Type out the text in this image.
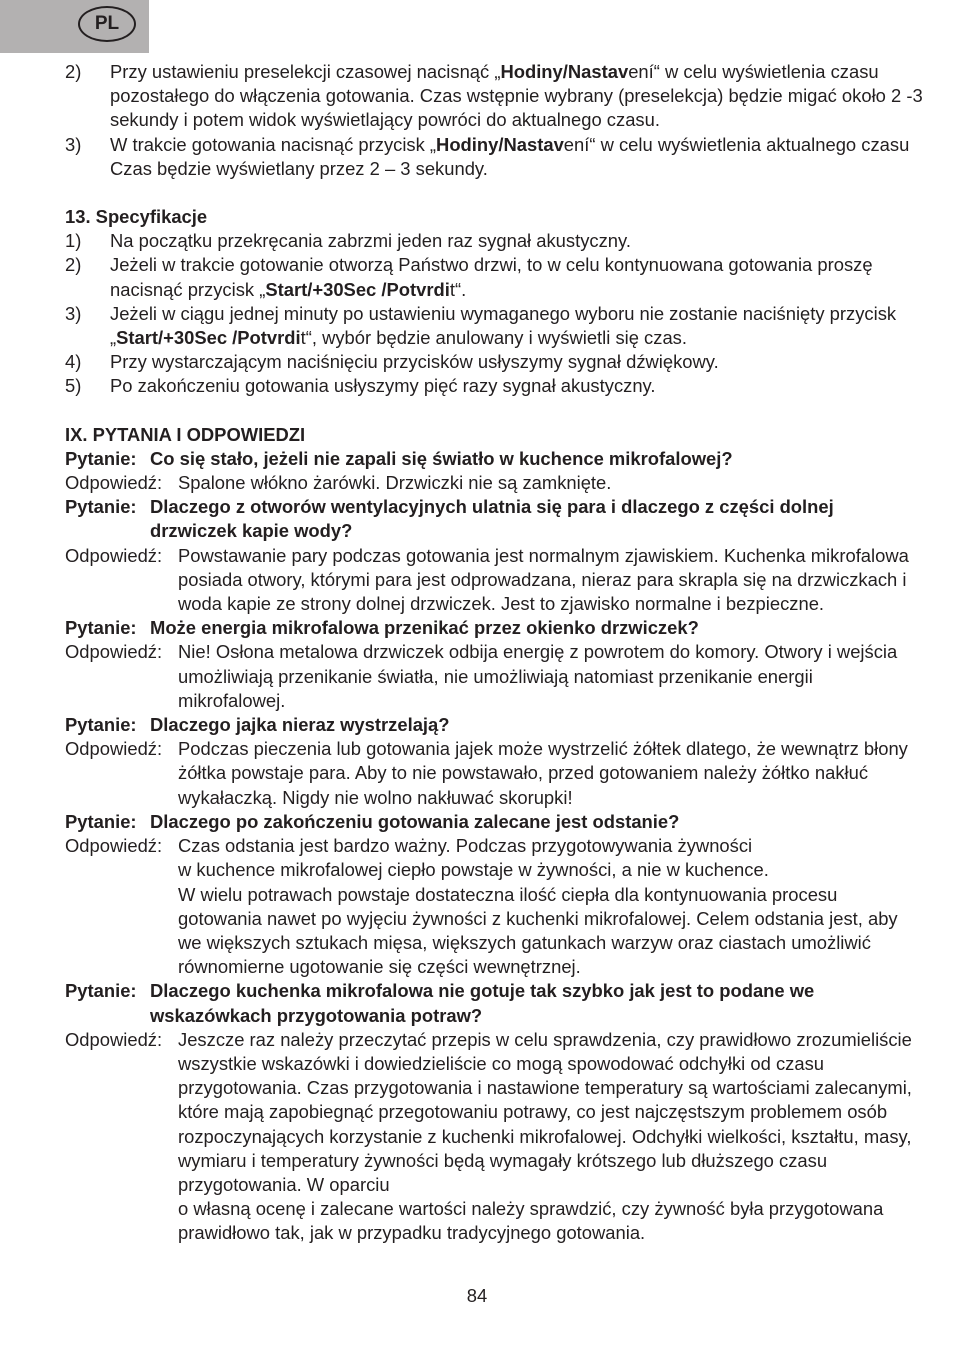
PL
2)	Przy ustawieniu preselekcji czasowej nacisnąć „Hodiny/Nastavení“ w celu wyświetlenia czasu pozostałego do włączenia gotowania. Czas wstępnie wybrany (preselekcja) będzie migać około 2 -3 sekundy i potem widok wyświetlający powróci do aktualnego czasu.
3)	W trakcie gotowania nacisnąć przycisk „Hodiny/Nastavení“ w celu wyświetlenia aktualnego czasu Czas będzie wyświetlany przez 2 – 3 sekundy.
13. Specyfikacje
1)	Na początku przekręcania zabrzmi jeden raz sygnał akustyczny.
2)	Jeżeli w trakcie gotowanie otworzą Państwo drzwi, to w celu kontynuowana gotowania proszę nacisnąć przycisk „Start/+30Sec /Potvrdit“.
3)	Jeżeli w ciągu jednej minuty po ustawieniu wymaganego wyboru nie zostanie naciśnięty przycisk „Start/+30Sec /Potvrdit“, wybór będzie anulowany i wyświetli się czas.
4)	Przy wystarczającym naciśnięciu przycisków usłyszymy sygnał dźwiękowy.
5)	Po zakończeniu gotowania usłyszymy pięć razy sygnał akustyczny.
IX. PYTANIA I ODPOWIEDZI
Pytanie: Co się stało, jeżeli nie zapali się światło w kuchence mikrofalowej?
Odpowiedź: Spalone włókno żarówki. Drzwiczki nie są zamknięte.
Pytanie: Dlaczego z otworów wentylacyjnych ulatnia się para i dlaczego z części dolnej drzwiczek kapie wody?
Odpowiedź: Powstawanie pary podczas gotowania jest normalnym zjawiskiem. Kuchenka mikrofalowa posiada otwory, którymi para jest odprowadzana, nieraz para skrapla się na drzwiczkach i woda kapie ze strony dolnej drzwiczek. Jest to zjawisko normalne i bezpieczne.
Pytanie: Może energia mikrofalowa przenikać przez okienko drzwiczek?
Odpowiedź: Nie! Osłona metalowa drzwiczek odbija energię z powrotem do komory. Otwory i wejścia umożliwiają przenikanie światła, nie umożliwiają natomiast przenikanie energii mikrofalowej.
Pytanie: Dlaczego jajka nieraz wystrzelają?
Odpowiedź: Podczas pieczenia lub gotowania jajek może wystrzelić żółtek dlatego, że wewnątrz błony żółtka powstaje para. Aby to nie powstawało, przed gotowaniem należy żółtko nakłuć wykałaczką. Nigdy nie wolno nakłuwać skorupki!
Pytanie: Dlaczego po zakończeniu gotowania zalecane jest odstanie?
Odpowiedź: Czas odstania jest bardzo ważny. Podczas przygotowywania żywności
w kuchence mikrofalowej ciepło powstaje w żywności, a nie w kuchence.
W wielu potrawach powstaje dostateczna ilość ciepła dla kontynuowania procesu gotowania nawet po wyjęciu żywności z kuchenki mikrofalowej. Celem odstania jest, aby we większych sztukach mięsa, większych gatunkach warzyw oraz ciastach umożliwić równomierne ugotowanie się części wewnętrznej.
Pytanie: Dlaczego kuchenka mikrofalowa nie gotuje tak szybko jak jest to podane we wskazówkach przygotowania potraw?
Odpowiedź: Jeszcze raz należy przeczytać przepis w celu sprawdzenia, czy prawidłowo zrozumieliście wszystkie wskazówki i dowiedzieliście co mogą spowodować odchyłki od czasu przygotowania. Czas przygotowania i nastawione temperatury są wartościami zalecanymi, które mają zapobiegnąć przegotowaniu potrawy, co jest najczęstszym problemem osób rozpoczynających korzystanie z kuchenki mikrofalowej. Odchyłki wielkości, kształtu, masy, wymiaru i temperatury żywności będą wymagały krótszego lub dłuższego czasu przygotowania. W oparciu
o własną ocenę i zalecane wartości należy sprawdzić, czy żywność była przygotowana prawidłowo tak, jak w przypadku tradycyjnego gotowania.
84
